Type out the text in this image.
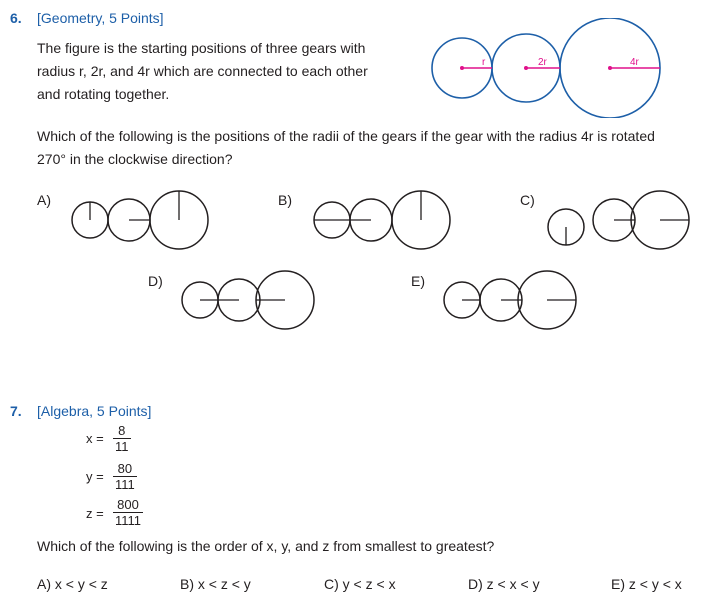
6. [Geometry, 5 Points]
The figure is the starting positions of three gears with
radius r, 2r, and 4r which are connected to each other
and rotating together.
r	2r	4r
Which of the following is the positions of the radii of the gears if the gear with the radius 4r is rotated
270° in the clockwise direction?
A)	B)	C)
D)	E)
7. [Algebra, 5 Points]
x =
8
11
y =
80
111
z =
800
1111
Which of the following is the order of x, y, and z from smallest to greatest?
A) x < y < z	B) x < z < y	C) y < z < x	D) z < x < y	E) z < y < x
